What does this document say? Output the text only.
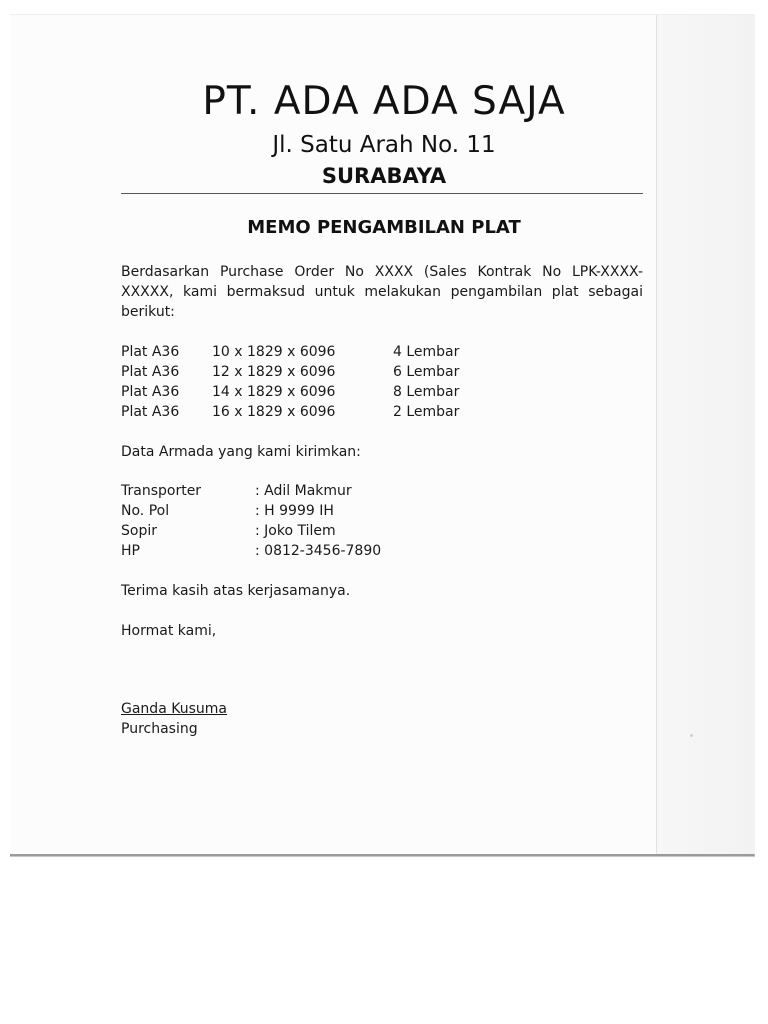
PT. ADA ADA SAJA
Jl. Satu Arah No. 11
SURABAYA
MEMO PENGAMBILAN PLAT
Berdasarkan Purchase Order No XXXX (Sales Kontrak No LPK-XXXX-XXXXX, kami bermaksud untuk melakukan pengambilan plat sebagai berikut:
Plat A36 10 x 1829 x 6096	4 Lembar
Plat A36 12 x 1829 x 6096	6 Lembar
Plat A36 14 x 1829 x 6096	8 Lembar
Plat A36 16 x 1829 x 6096	2 Lembar
Data Armada yang kami kirimkan:
Transporter	: Adil Makmur
No. Pol	: H 9999 IH
Sopir	: Joko Tilem
HP	: 0812-3456-7890
Terima kasih atas kerjasamanya.
Hormat kami,
Ganda Kusuma
Purchasing
